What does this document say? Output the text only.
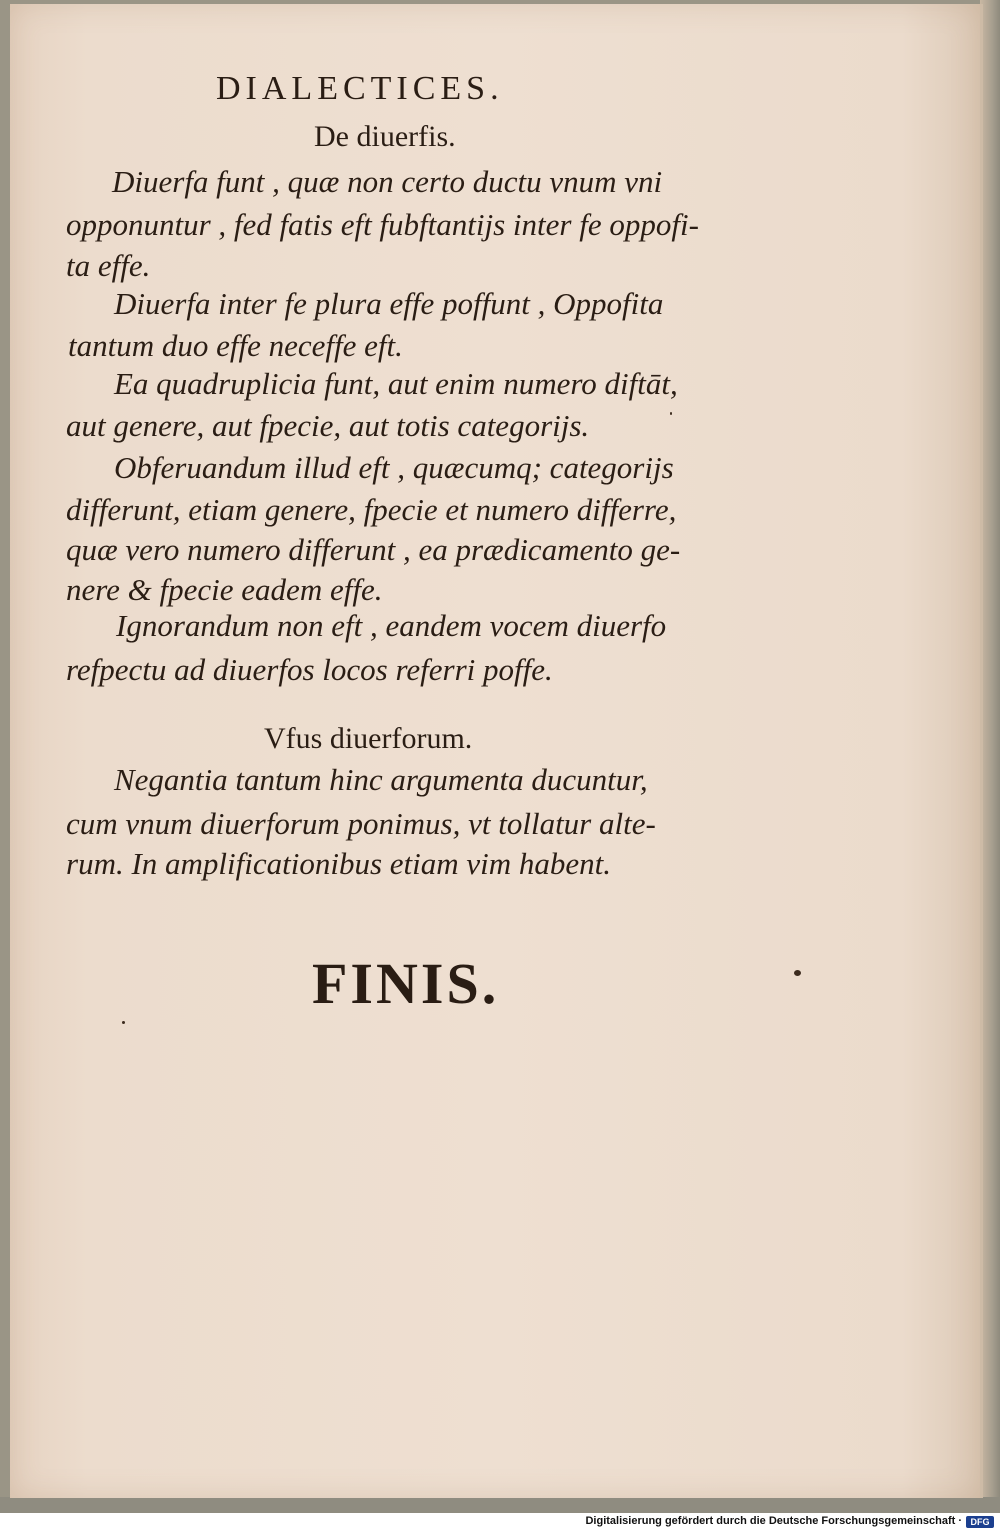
DIALECTICES.
De diuerfis.
Diuerfa funt , quæ non certo ductu vnum vni
opponuntur , fed fatis eft fubftantijs inter fe oppofi-
ta effe.
Diuerfa inter fe plura effe poffunt , Oppofita
tantum duo effe neceffe eft.
Ea quadruplicia funt, aut enim numero diftāt,
aut genere, aut fpecie, aut totis categorijs.
Obferuandum illud eft , quæcumq; categorijs
differunt, etiam genere, fpecie et numero differre,
quæ vero numero differunt , ea prædicamento ge-
nere & fpecie eadem effe.
Ignorandum non eft , eandem vocem diuerfo
refpectu ad diuerfos locos referri poffe.
Vfus diuerforum.
Negantia tantum hinc argumenta ducuntur,
cum vnum diuerforum ponimus, vt tollatur alte-
rum. In amplificationibus etiam vim habent.
FINIS.
Digitalisierung gefördert durch die Deutsche Forschungsgemeinschaft · DFG
